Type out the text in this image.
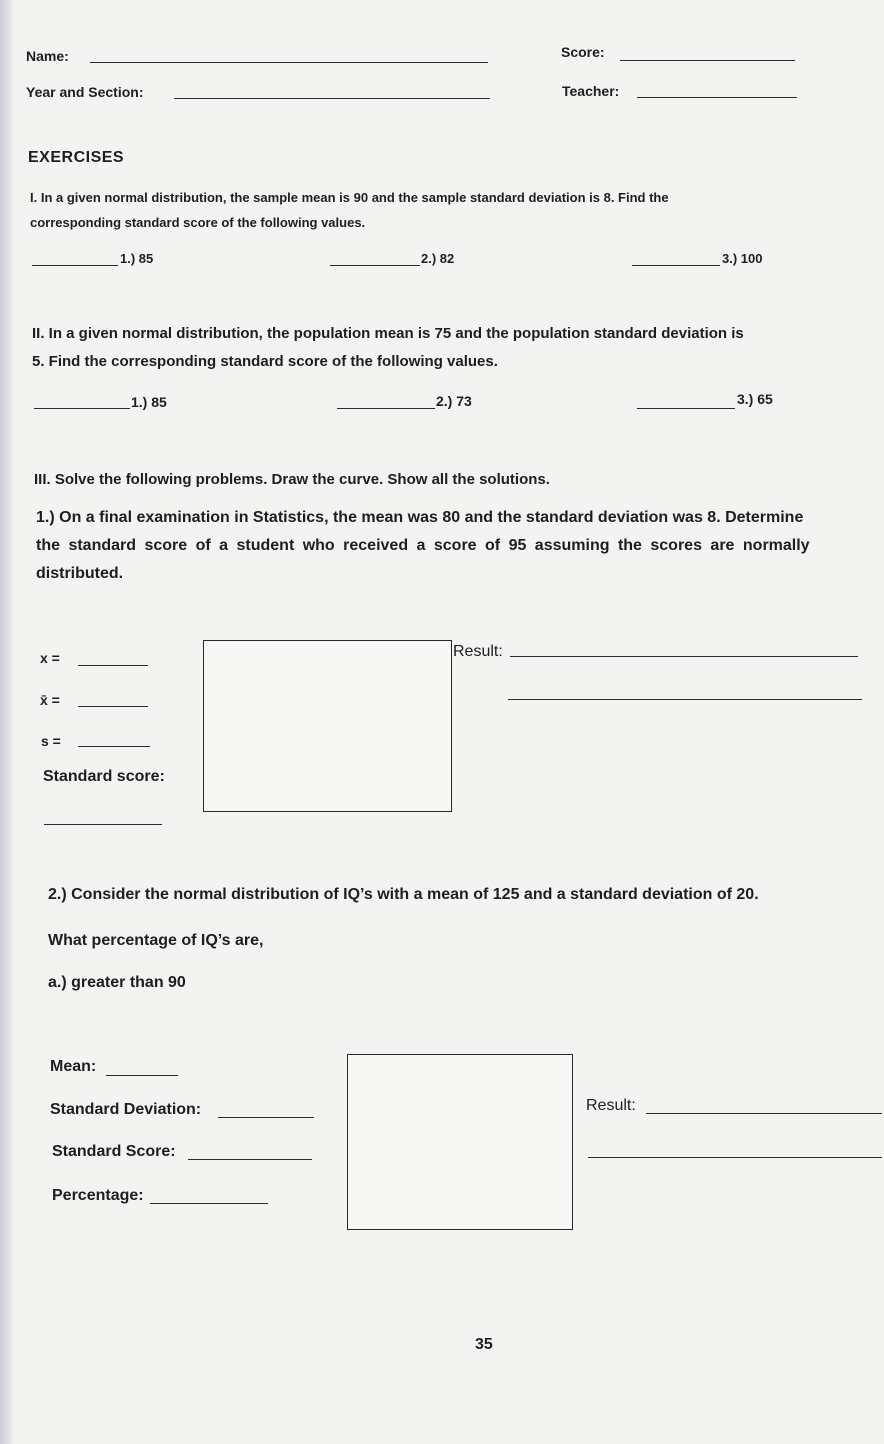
Name:	Score:
Year and Section:	Teacher:
EXERCISES
I. In a given normal distribution, the sample mean is 90 and the sample standard deviation is 8. Find the
corresponding standard score of the following values.
1.) 85	2.) 82	3.) 100
II. In a given normal distribution, the population mean is 75 and the population standard deviation is
5. Find the corresponding standard score of the following values.
1.) 85	2.) 73	3.) 65
III. Solve the following problems. Draw the curve. Show all the solutions.
1.) On a final examination in Statistics, the mean was 80 and the standard deviation was 8. Determine
the standard score of a student who received a score of 95 assuming the scores are normally
distributed.
x =
x̄ =
s =
Standard score:
Result:
2.) Consider the normal distribution of IQ’s with a mean of 125 and a standard deviation of 20.
What percentage of IQ’s are,
a.) greater than 90
Mean:
Standard Deviation:
Standard Score:
Percentage:
Result:
35
